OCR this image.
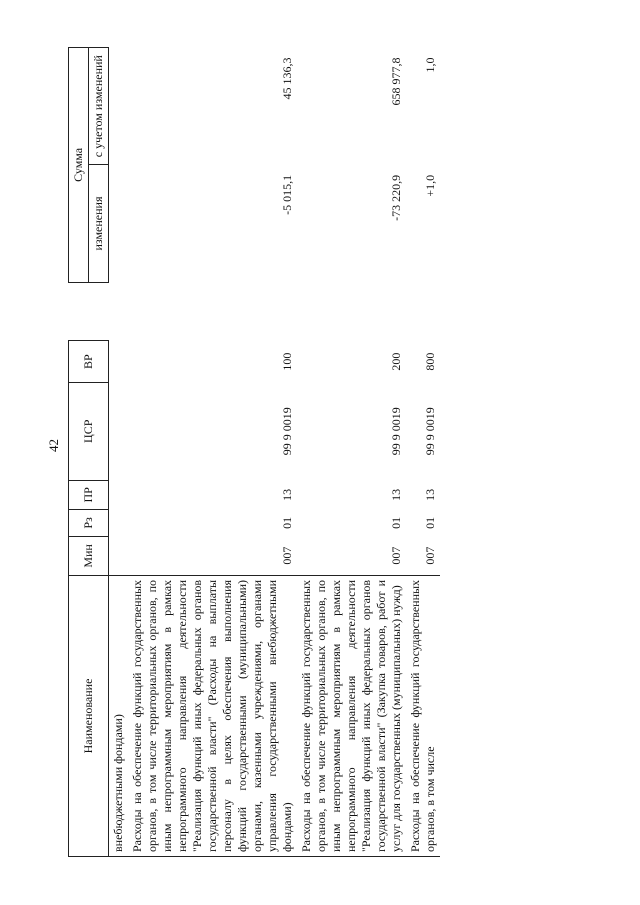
42
Наименование	Мин	Рз	ПР	ЦСР	ВР		Сумма	
							изменения	с учетом изменений
внебюджетными фондами)								
Расходы на обеспечение функций государственных органов, в том числе территориальных органов, по иным непрограммным мероприятиям в рамках непрограммного направления деятельности "Реализация функций иных федеральных органов государственной власти" (Расходы на выплаты персоналу в целях обеспечения выполнения функций государственными (муниципальными) органами, казенными учреждениями, органами управления государственными внебюджетными фондами)	007	01	13	99 9 0019	100		-5 015,1	45 136,3
Расходы на обеспечение функций государственных органов, в том числе территориальных органов, по иным непрограммным мероприятиям в рамках непрограммного направления деятельности "Реализация функций иных федеральных органов государственной власти" (Закупка товаров, работ и услуг для государственных (муниципальных) нужд)	007	01	13	99 9 0019	200		-73 220,9	658 977,8
Расходы на обеспечение функций государственных органов, в том числе	007	01	13	99 9 0019	800		+1,0	1,0
